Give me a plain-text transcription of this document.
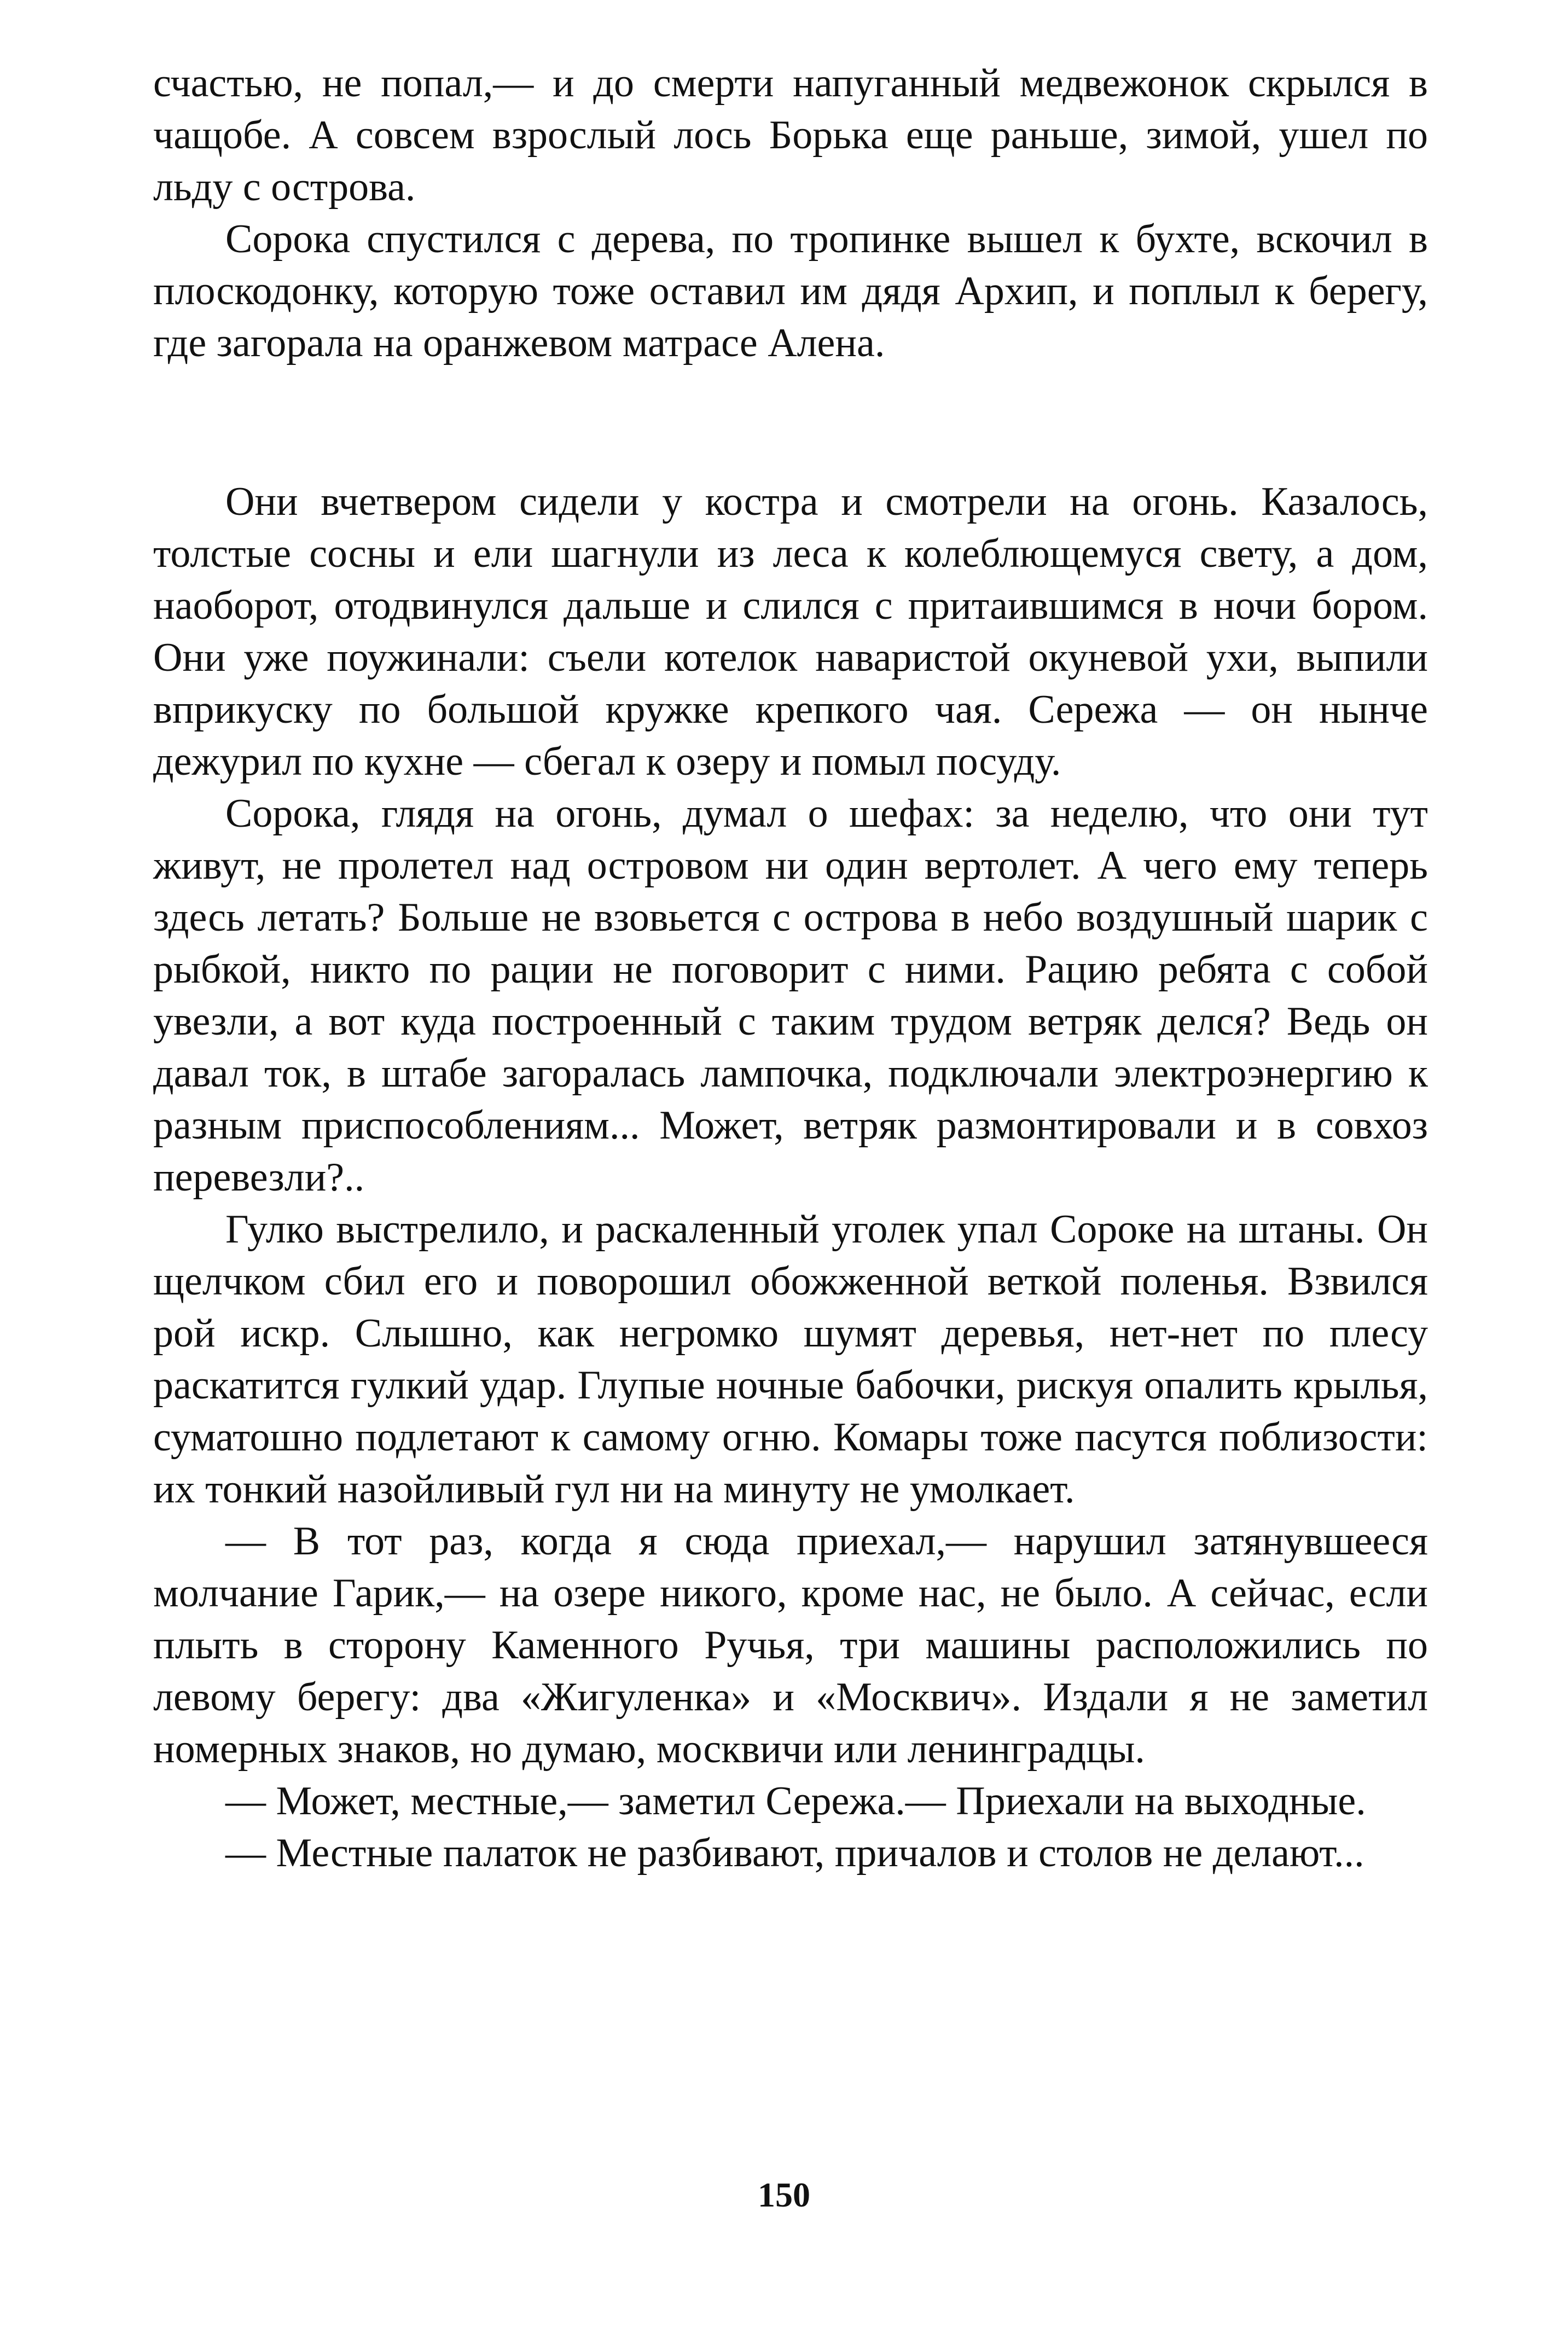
счастью, не попал,— и до смерти напуганный медвежонок скрылся в чащобе. А совсем взрослый лось Борька еще раньше, зимой, ушел по льду с острова.

Сорока спустился с дерева, по тропинке вышел к бухте, вскочил в плоскодонку, которую тоже оставил им дядя Архип, и поплыл к берегу, где загорала на оранжевом матрасе Алена.

Они вчетвером сидели у костра и смотрели на огонь. Казалось, толстые сосны и ели шагнули из леса к колеблющемуся свету, а дом, наоборот, отодвинулся дальше и слился с притаившимся в ночи бором. Они уже поужинали: съели котелок наваристой окуневой ухи, выпили вприкуску по большой кружке крепкого чая. Сережа — он нынче дежурил по кухне — сбегал к озеру и помыл посуду.

Сорока, глядя на огонь, думал о шефах: за неделю, что они тут живут, не пролетел над островом ни один вертолет. А чего ему теперь здесь летать? Больше не взовьется с острова в небо воздушный шарик с рыбкой, никто по рации не поговорит с ними. Рацию ребята с собой увезли, а вот куда построенный с таким трудом ветряк делся? Ведь он давал ток, в штабе загоралась лампочка, подключали электроэнергию к разным приспособлениям... Может, ветряк размонтировали и в совхоз перевезли?..

Гулко выстрелило, и раскаленный уголек упал Сороке на штаны. Он щелчком сбил его и поворошил обожженной веткой поленья. Взвился рой искр. Слышно, как негромко шумят деревья, нет-нет по плесу раскатится гулкий удар. Глупые ночные бабочки, рискуя опалить крылья, суматошно подлетают к самому огню. Комары тоже пасутся поблизости: их тонкий назойливый гул ни на минуту не умолкает.

— В тот раз, когда я сюда приехал,— нарушил затянувшееся молчание Гарик,— на озере никого, кроме нас, не было. А сейчас, если плыть в сторону Каменного Ручья, три машины расположились по левому берегу: два «Жигуленка» и «Москвич». Издали я не заметил номерных знаков, но думаю, москвичи или ленинградцы.

— Может, местные,— заметил Сережа.— Приехали на выходные.

— Местные палаток не разбивают, причалов и столов не делают...

150
